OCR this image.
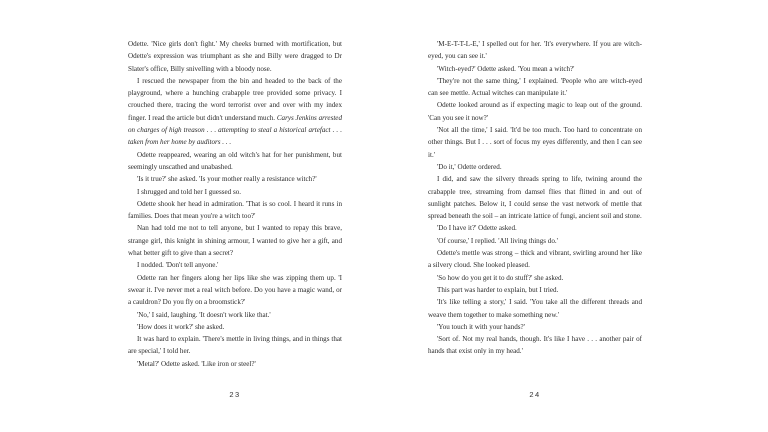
Odette. 'Nice girls don't fight.' My cheeks burned with mortification, but Odette's expression was triumphant as she and Billy were dragged to Dr Slater's office, Billy snivelling with a bloody nose.

I rescued the newspaper from the bin and headed to the back of the playground, where a hunching crabapple tree provided some privacy. I crouched there, tracing the word terrorist over and over with my index finger. I read the article but didn't understand much. Carys Jenkins arrested on charges of high treason . . . attempting to steal a historical artefact . . . taken from her home by auditors . . .

Odette reappeared, wearing an old witch's hat for her punishment, but seemingly unscathed and unabashed.

'Is it true?' she asked. 'Is your mother really a resistance witch?'

I shrugged and told her I guessed so.

Odette shook her head in admiration. 'That is so cool. I heard it runs in families. Does that mean you're a witch too?'

Nan had told me not to tell anyone, but I wanted to repay this brave, strange girl, this knight in shining armour, I wanted to give her a gift, and what better gift to give than a secret?

I nodded. 'Don't tell anyone.'

Odette ran her fingers along her lips like she was zipping them up. 'I swear it. I've never met a real witch before. Do you have a magic wand, or a cauldron? Do you fly on a broomstick?'

'No,' I said, laughing. 'It doesn't work like that.'

'How does it work?' she asked.

It was hard to explain. 'There's mettle in living things, and in things that are special,' I told her.

'Metal?' Odette asked. 'Like iron or steel?'

'M-E-T-T-L-E,' I spelled out for her. 'It's everywhere. If you are witch-eyed, you can see it.'

'Witch-eyed?' Odette asked. 'You mean a witch?'

'They're not the same thing,' I explained. 'People who are witch-eyed can see mettle. Actual witches can manipulate it.'

Odette looked around as if expecting magic to leap out of the ground. 'Can you see it now?'

'Not all the time,' I said. 'It'd be too much. Too hard to concentrate on other things. But I . . . sort of focus my eyes differently, and then I can see it.'

'Do it,' Odette ordered.

I did, and saw the silvery threads spring to life, twining around the crabapple tree, streaming from damsel flies that flitted in and out of sunlight patches. Below it, I could sense the vast network of mettle that spread beneath the soil – an intricate lattice of fungi, ancient soil and stone.

'Do I have it?' Odette asked.

'Of course,' I replied. 'All living things do.'

Odette's mettle was strong – thick and vibrant, swirling around her like a silvery cloud. She looked pleased.

'So how do you get it to do stuff?' she asked.

This part was harder to explain, but I tried.

'It's like telling a story,' I said. 'You take all the different threads and weave them together to make something new.'

'You touch it with your hands?'

'Sort of. Not my real hands, though. It's like I have . . . another pair of hands that exist only in my head.'

23	24
